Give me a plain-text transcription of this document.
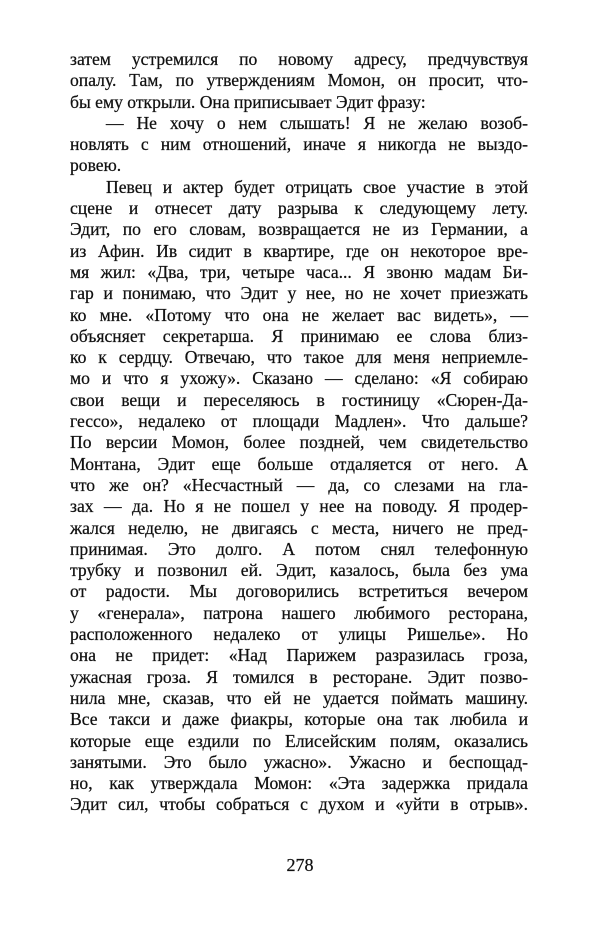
затем устремился по новому адресу, предчувствуя
опалу. Там, по утверждениям Момон, он просит, что-
бы ему открыли. Она приписывает Эдит фразу:
— Не хочу о нем слышать! Я не желаю возоб-
новлять с ним отношений, иначе я никогда не выздо-
ровею.
Певец и актер будет отрицать свое участие в этой
сцене и отнесет дату разрыва к следующему лету.
Эдит, по его словам, возвращается не из Германии, а
из Афин. Ив сидит в квартире, где он некоторое вре-
мя жил: «Два, три, четыре часа... Я звоню мадам Би-
гар и понимаю, что Эдит у нее, но не хочет приезжать
ко мне. «Потому что она не желает вас видеть», —
объясняет секретарша. Я принимаю ее слова близ-
ко к сердцу. Отвечаю, что такое для меня неприемле-
мо и что я ухожу». Сказано — сделано: «Я собираю
свои вещи и переселяюсь в гостиницу «Сюрен-Да-
гессо», недалеко от площади Мадлен». Что дальше?
По версии Момон, более поздней, чем свидетельство
Монтана, Эдит еще больше отдаляется от него. А
что же он? «Несчастный — да, со слезами на гла-
зах — да. Но я не пошел у нее на поводу. Я продер-
жался неделю, не двигаясь с места, ничего не пред-
принимая. Это долго. А потом снял телефонную
трубку и позвонил ей. Эдит, казалось, была без ума
от радости. Мы договорились встретиться вечером
у «генерала», патрона нашего любимого ресторана,
расположенного недалеко от улицы Ришелье». Но
она не придет: «Над Парижем разразилась гроза,
ужасная гроза. Я томился в ресторане. Эдит позво-
нила мне, сказав, что ей не удается поймать машину.
Все такси и даже фиакры, которые она так любила и
которые еще ездили по Елисейским полям, оказались
занятыми. Это было ужасно». Ужасно и беспощад-
но, как утверждала Момон: «Эта задержка придала
Эдит сил, чтобы собраться с духом и «уйти в отрыв».
278
